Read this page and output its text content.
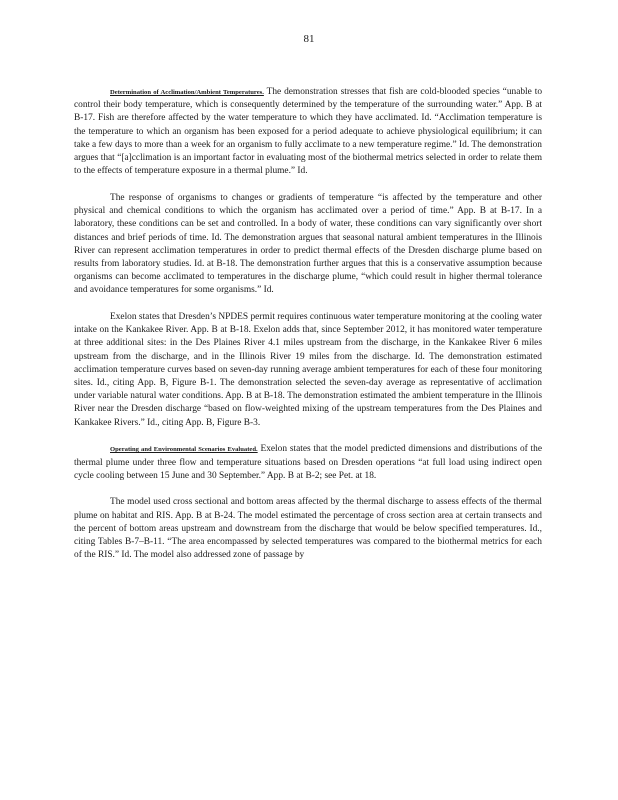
81

Determination of Acclimation/Ambient Temperatures. The demonstration stresses that fish are cold-blooded species “unable to control their body temperature, which is consequently determined by the temperature of the surrounding water.” App. B at B-17. Fish are therefore affected by the water temperature to which they have acclimated. Id. “Acclimation temperature is the temperature to which an organism has been exposed for a period adequate to achieve physiological equilibrium; it can take a few days to more than a week for an organism to fully acclimate to a new temperature regime.” Id. The demonstration argues that “[a]cclimation is an important factor in evaluating most of the biothermal metrics selected in order to relate them to the effects of temperature exposure in a thermal plume.” Id.

The response of organisms to changes or gradients of temperature “is affected by the temperature and other physical and chemical conditions to which the organism has acclimated over a period of time.” App. B at B-17. In a laboratory, these conditions can be set and controlled. In a body of water, these conditions can vary significantly over short distances and brief periods of time. Id. The demonstration argues that seasonal natural ambient temperatures in the Illinois River can represent acclimation temperatures in order to predict thermal effects of the Dresden discharge plume based on results from laboratory studies. Id. at B-18. The demonstration further argues that this is a conservative assumption because organisms can become acclimated to temperatures in the discharge plume, “which could result in higher thermal tolerance and avoidance temperatures for some organisms.” Id.

Exelon states that Dresden’s NPDES permit requires continuous water temperature monitoring at the cooling water intake on the Kankakee River. App. B at B-18. Exelon adds that, since September 2012, it has monitored water temperature at three additional sites: in the Des Plaines River 4.1 miles upstream from the discharge, in the Kankakee River 6 miles upstream from the discharge, and in the Illinois River 19 miles from the discharge. Id. The demonstration estimated acclimation temperature curves based on seven-day running average ambient temperatures for each of these four monitoring sites. Id., citing App. B, Figure B-1. The demonstration selected the seven-day average as representative of acclimation under variable natural water conditions. App. B at B-18. The demonstration estimated the ambient temperature in the Illinois River near the Dresden discharge “based on flow-weighted mixing of the upstream temperatures from the Des Plaines and Kankakee Rivers.” Id., citing App. B, Figure B-3.

Operating and Environmental Scenarios Evaluated. Exelon states that the model predicted dimensions and distributions of the thermal plume under three flow and temperature situations based on Dresden operations “at full load using indirect open cycle cooling between 15 June and 30 September.” App. B at B-2; see Pet. at 18.

The model used cross sectional and bottom areas affected by the thermal discharge to assess effects of the thermal plume on habitat and RIS. App. B at B-24. The model estimated the percentage of cross section area at certain transects and the percent of bottom areas upstream and downstream from the discharge that would be below specified temperatures. Id., citing Tables B-7–B-11. “The area encompassed by selected temperatures was compared to the biothermal metrics for each of the RIS.” Id. The model also addressed zone of passage by
